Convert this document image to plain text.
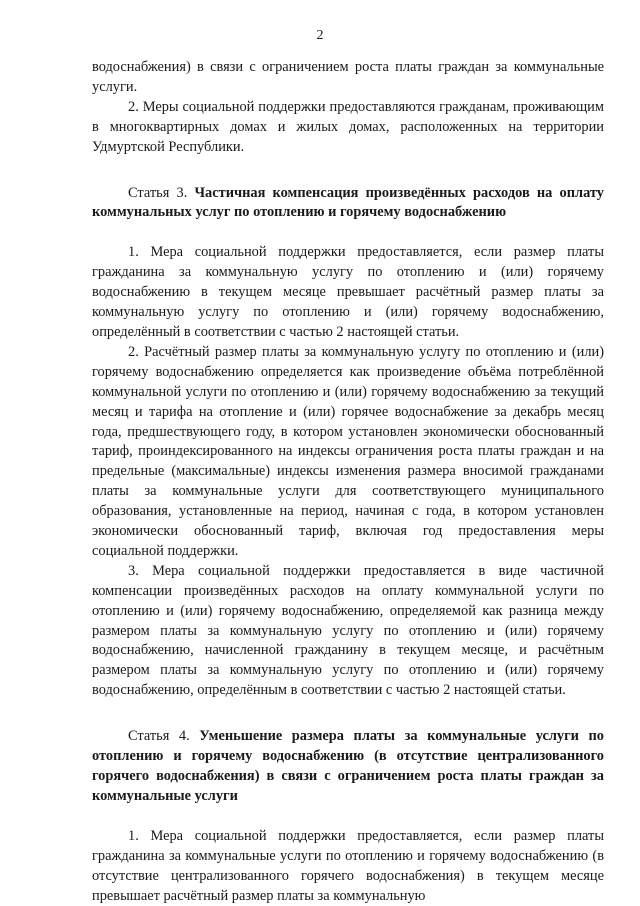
2

водоснабжения) в связи с ограничением роста платы граждан за коммунальные услуги.

2. Меры социальной поддержки предоставляются гражданам, проживающим в многоквартирных домах и жилых домах, расположенных на территории Удмуртской Республики.

Статья 3. Частичная компенсация произведённых расходов на оплату коммунальных услуг по отоплению и горячему водоснабжению

1. Мера социальной поддержки предоставляется, если размер платы гражданина за коммунальную услугу по отоплению и (или) горячему водоснабжению в текущем месяце превышает расчётный размер платы за коммунальную услугу по отоплению и (или) горячему водоснабжению, определённый в соответствии с частью 2 настоящей статьи.

2. Расчётный размер платы за коммунальную услугу по отоплению и (или) горячему водоснабжению определяется как произведение объёма потреблённой коммунальной услуги по отоплению и (или) горячему водоснабжению за текущий месяц и тарифа на отопление и (или) горячее водоснабжение за декабрь месяц года, предшествующего году, в котором установлен экономически обоснованный тариф, проиндексированного на индексы ограничения роста платы граждан и на предельные (максимальные) индексы изменения размера вносимой гражданами платы за коммунальные услуги для соответствующего муниципального образования, установленные на период, начиная с года, в котором установлен экономически обоснованный тариф, включая год предоставления меры социальной поддержки.

3. Мера социальной поддержки предоставляется в виде частичной компенсации произведённых расходов на оплату коммунальной услуги по отоплению и (или) горячему водоснабжению, определяемой как разница между размером платы за коммунальную услугу по отоплению и (или) горячему водоснабжению, начисленной гражданину в текущем месяце, и расчётным размером платы за коммунальную услугу по отоплению и (или) горячему водоснабжению, определённым в соответствии с частью 2 настоящей статьи.

Статья 4. Уменьшение размера платы за коммунальные услуги по отоплению и горячему водоснабжению (в отсутствие централизованного горячего водоснабжения) в связи с ограничением роста платы граждан за коммунальные услуги

1. Мера социальной поддержки предоставляется, если размер платы гражданина за коммунальные услуги по отоплению и горячему водоснабжению (в отсутствие централизованного горячего водоснабжения) в текущем месяце превышает расчётный размер платы за коммунальную
